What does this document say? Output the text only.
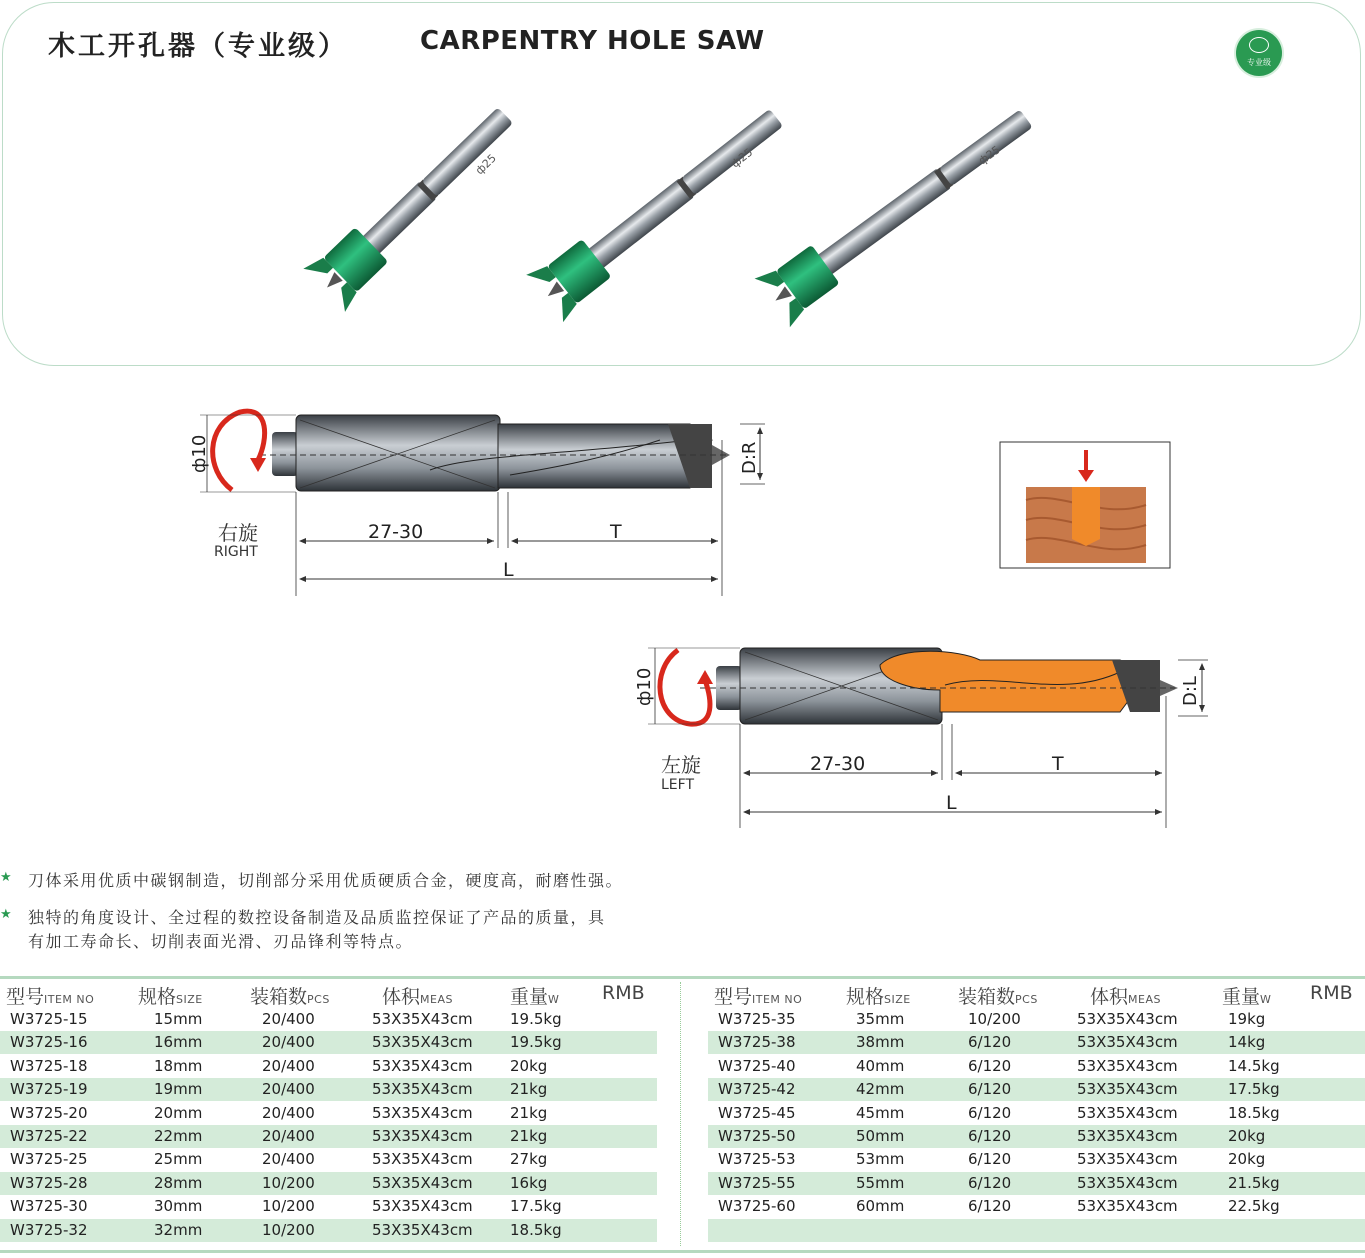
木工开孔器（专业级）	CARPENTRY HOLE SAW
专业级
ф25	ф25	ф25
ф10
右旋
RIGHT
27-30	T
L
D:R
ф10
左旋
LEFT
27-30	T
L
D:L
★ 刀体采用优质中碳钢制造，切削部分采用优质硬质合金，硬度高，耐磨性强。
★ 独特的角度设计、全过程的数控设备制造及品质监控保证了产品的质量，具
有加工寿命长、切削表面光滑、刃品锋利等特点。
型号ITEM NO 规格SIZE 装箱数PCS	体积MEAS	重量W RMB	型号ITEM NO 规格SIZE 装箱数PCS	体积MEAS	重量W RMB
W3725-15	15mm	20/400	53X35X43cm 19.5kg
W3725-16	16mm	20/400	53X35X43cm 19.5kg
W3725-18	18mm	20/400	53X35X43cm 20kg
W3725-19	19mm	20/400	53X35X43cm 21kg
W3725-20	20mm	20/400	53X35X43cm 21kg
W3725-22	22mm	20/400	53X35X43cm 21kg
W3725-25	25mm	20/400	53X35X43cm 27kg
W3725-28	28mm	10/200	53X35X43cm 16kg
W3725-30	30mm	10/200	53X35X43cm 17.5kg
W3725-32	32mm	10/200	53X35X43cm 18.5kg
W3725-35	35mm	10/200	53X35X43cm	19kg
W3725-38	38mm	6/120	53X35X43cm	14kg
W3725-40	40mm	6/120	53X35X43cm	14.5kg
W3725-42	42mm	6/120	53X35X43cm	17.5kg
W3725-45	45mm	6/120	53X35X43cm	18.5kg
W3725-50	50mm	6/120	53X35X43cm	20kg
W3725-53	53mm	6/120	53X35X43cm	20kg
W3725-55	55mm	6/120	53X35X43cm	21.5kg
W3725-60	60mm	6/120	53X35X43cm	22.5kg
